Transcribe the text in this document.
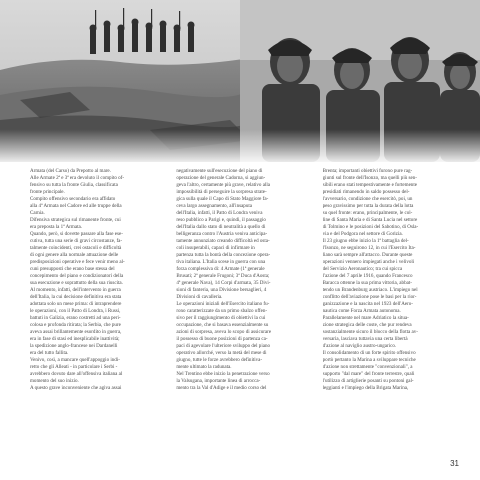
Armata (del Carso) da Prepotto al mare.

Alle Armate 2ª e 3ª era devoluto il compito of-

fensivo su tutta la fronte Giulia, classificata

fronte principale.

Compito offensivo secondario era affidato

alla 4ª Armata nel Cadore ed alle truppe della

Carnia.

Difensiva strategica sul rimanente fronte, cui

era preposta la 1ª Armata.

Quando, però, si dovette passare alla fase ese-

cutiva, tutta una serie di gravi circostanze, fa-

talmente coincidenti, crei ostacoli e difficoltà

di ogni genere alla normale attuazione delle

predisposizioni operative e fece venir meno al-

cuni presupposti che erano base stessa del

concepimento del piano e condizionatori della

sua esecuzione e soprattutto della sua riuscita.

Al momento, infatti, dell'intervento in guerra

dell'Italia, la cui decisione definitiva era stata

adottata solo un mese prima: di intraprendere

le operazioni, con il Patto di Londra, i Russi,

battuti in Galizia, erano costretti ad una peri-

colosa e profonda ritirata; la Serbia, che pure

aveva assai brillantemente esordito in guerra,

era in fase di stasi ed inesplicabile inattività;

la spedizione anglo-francese nei Dardanelli

era del tutto fallita.

Venivo, così, a mancare quell'appoggio indi-

retto che gli Alleati - in particolare i Serbi -

avrebbero dovuto dare all'offensiva italiana al

momento del suo inizio.

A questo grave inconveniente che agiva assai

negativamente sull'esecuzione del piano di

operazione del generale Cadorna, si aggiun-

geva l'altro, certamente più grave, relativo alla

impossibilità di perseguire la sorpresa strate-

gica sulla quale il Capo di Stato Maggiore fa-

ceva largo assegnamento, all'insaputa

dell'Italia, infatti, il Patto di Londra veniva

reso pubblico a Parigi e, quindi, il passaggio

dell'Italia dallo stato di neutralità a quello di

belligeranza contro l'Austria veniva anticipa-

tamente annunziato creando difficoltà ed osta-

coli insuperabili, capaci di infirmare in

partenza tutta la bontà della concezione opera-

tiva italiana. L'Italia scese in guerra con una

forza complessiva di: 4 Armate (1ª generale

Brusati; 2ª generale Frugoni; 3ª Duca d'Aosta;

4ª generale Nava), 14 Corpi d'armata, 35 Divi-

sioni di fanteria, una Divisione bersaglieri, 4

Divisioni di cavalleria.

Le operazioni iniziali dell'Esercito italiano fu-

rono caratterizzate da un primo sbalzo offen-

sivo per il raggiungimento di obiettivi la cui

occupazione, che si basava essenzialmente su

azioni di sorpresa, aveva lo scopo di assicurare

il possesso di buone posizioni di partenza ca-

paci di agevolare l'ulteriore sviluppo del piano

operativo allorché, verso la metà del mese di

giugno, tutte le forze avrebbero definitiva-

mente ultimato la radunata.

Nel Trentino ebbe inizio la penetrazione verso

la Valsugana, importante linea di arroccа-

mento tra la Val d'Adige e il medio corso del

Brenta; importanti obiettivi furono pure rag-

giunti sul fronte dell'Isonzo, ma quelli più sen-

sibili erano stati tempestivamente e fortemente

presidiati rimanendo in saldo possesso del-

l'avversario, condizione che esercitò, poi, un

peso gravissimo per tutta la durata della lotta

su quel fronte: erano, principalmente, le col-

line di Santa Maria e di Santa Lucia nel settore

di Tolmino e le posizioni del Sabotino, di Osla-

via e del Podgora nel settore di Gorizia.

Il 23 giugno ebbe inizio la 1ª battaglia del-

l'Isonzo, ne seguirono 12, in cui l'Esercito Ita-

liano sarà sempre all'attacco. Durante queste

operazioni vennero impiegati anche i velivoli

del Servizio Aeronautico; tra cui spicca

l'azione del 7 aprile 1916, quando Francesco

Baracca ottenne la sua prima vittoria, abbat-

tendo un Brandenburg austriaco. L'impiego nel

conflitto dell'aviazione pose le basi per la rior-

ganizzazione e la nascita nel 1923 dell'Aero-

nautica come Forza Armata autonoma.

Parallelamente nel mare Adriatico la situa-

zione strategica delle coste, che pur rendeva

sostanzialmente sicuro il blocco della flotta av-

versaria, lasciava tuttavia una certa libertà

d'azione al naviglio austro-ungarico.

Il consolidamento di un forte spirito offensivo

portò pertanto la Marina a sviluppare tecniche

d'azione non strettamente "convenzionali", a

supporto "dal mare" del fronte terrestre, quali

l'utilizzo di artiglierie posanti su pontoni gal-

leggianti e l'impiego della Brigata Marina,

31
